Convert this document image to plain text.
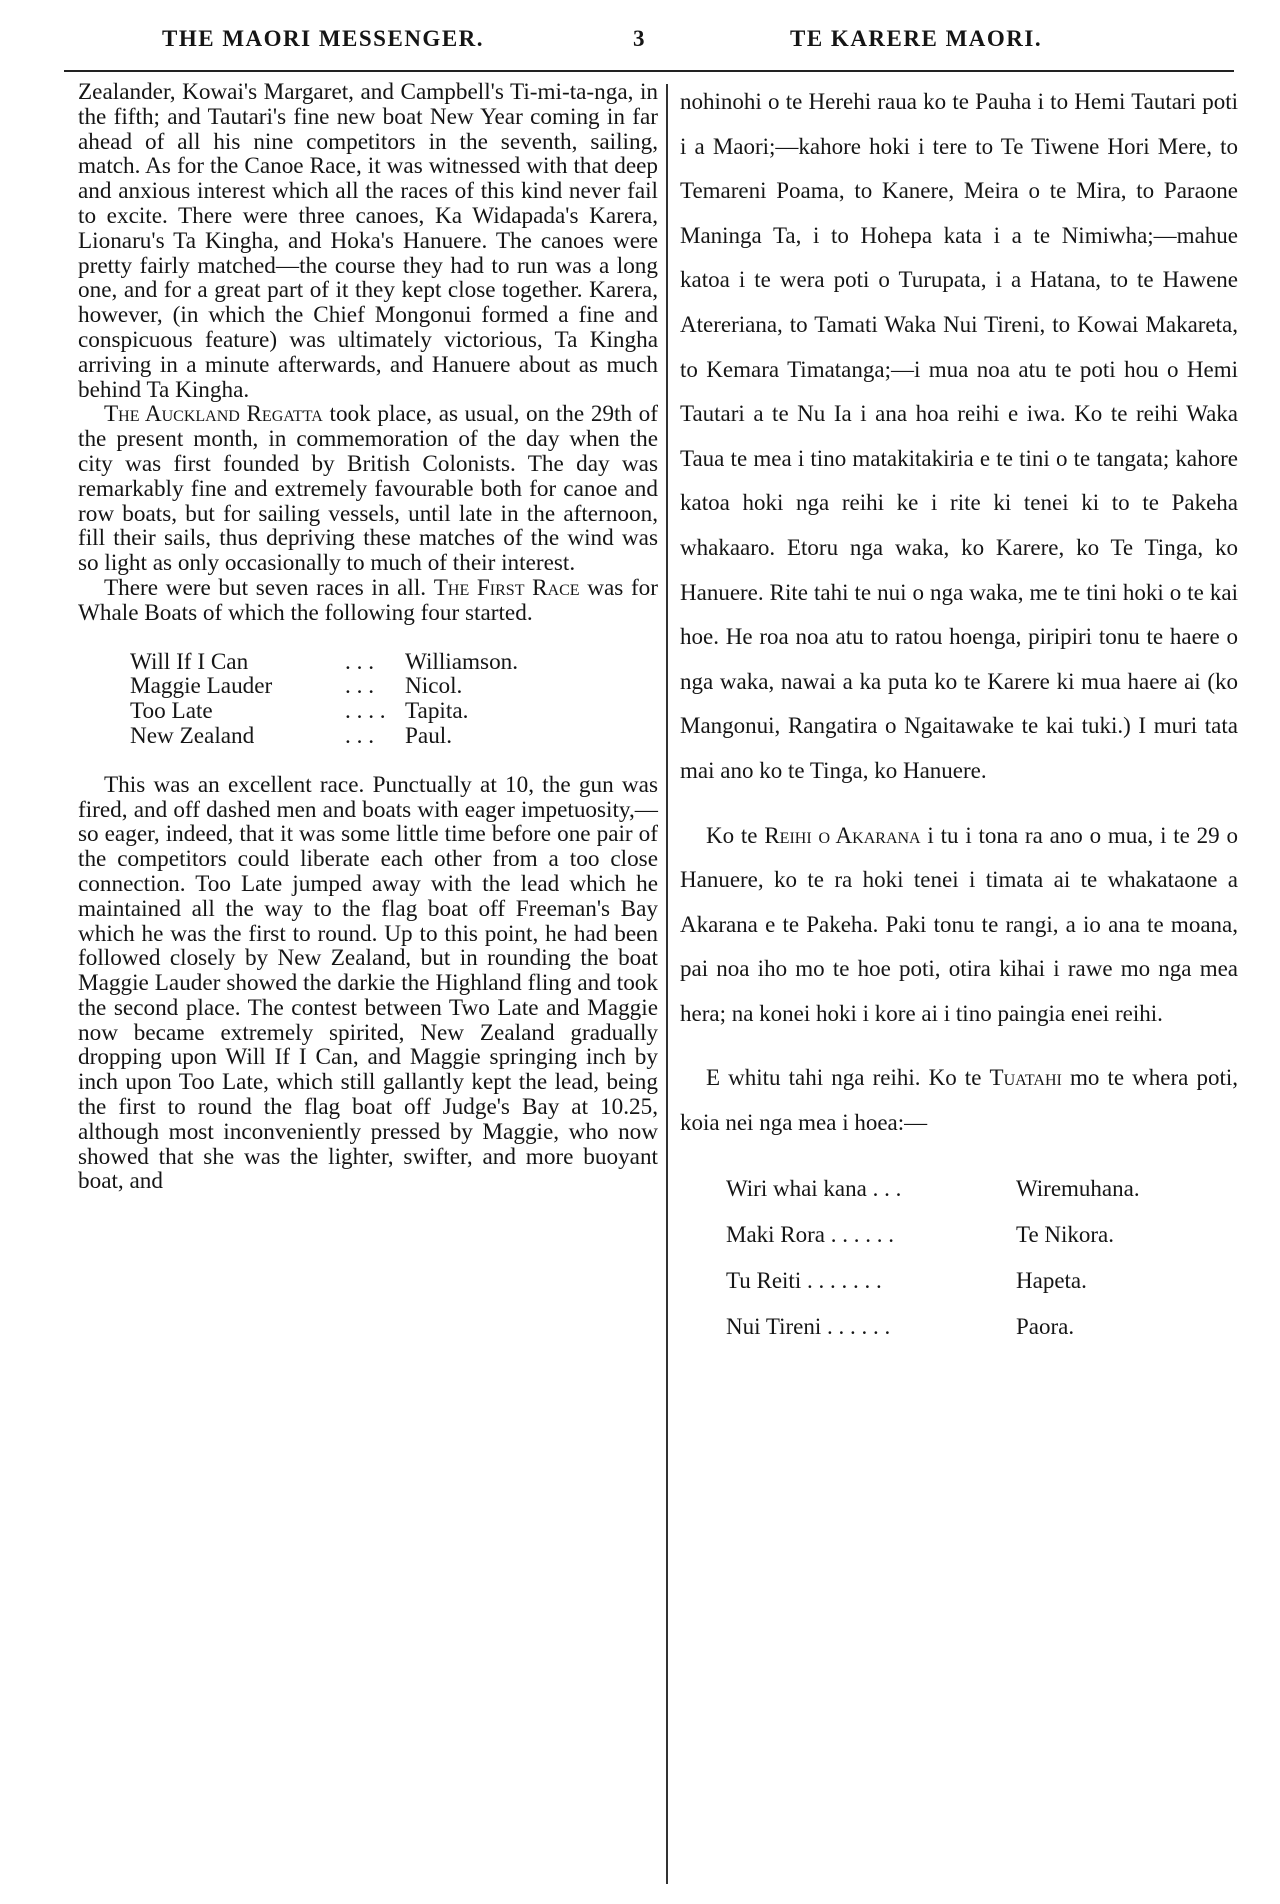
THE MAORI MESSENGER.	3	TE KARERE MAORI.

Zealander, Kowai's Margaret, and Campbell's Ti-mi-ta-nga, in the fifth; and Tautari's fine new boat New Year coming in far ahead of all his nine competitors in the seventh, sailing, match. As for the Canoe Race, it was witnessed with that deep and anxious interest which all the races of this kind never fail to excite. There were three canoes, Ka Widapada's Karera, Lionaru's Ta Kingha, and Hoka's Hanuere. The canoes were pretty fairly matched—the course they had to run was a long one, and for a great part of it they kept close together. Karera, however, (in which the Chief Mongonui formed a fine and conspicuous feature) was ultimately victorious, Ta Kingha arriving in a minute afterwards, and Hanuere about as much behind Ta Kingha.

The Auckland Regatta took place, as usual, on the 29th of the present month, in commemoration of the day when the city was first founded by British Colonists. The day was remarkably fine and extremely favourable both for canoe and row boats, but for sailing vessels, until late in the afternoon, fill their sails, thus depriving these matches of the wind was so light as only occasionally to much of their interest.

There were but seven races in all. The First Race was for Whale Boats of which the following four started.

Will If I Can	. . .	Williamson.
Maggie Lauder	. . .	Nicol.
Too Late	. . . . Tapita.
New Zealand	. . .	Paul.

This was an excellent race. Punctually at 10, the gun was fired, and off dashed men and boats with eager impetuosity,—so eager, indeed, that it was some little time before one pair of the competitors could liberate each other from a too close connection. Too Late jumped away with the lead which he maintained all the way to the flag boat off Freeman's Bay which he was the first to round. Up to this point, he had been followed closely by New Zealand, but in rounding the boat Maggie Lauder showed the darkie the Highland fling and took the second place. The contest between Two Late and Maggie now became extremely spirited, New Zealand gradually dropping upon Will If I Can, and Maggie springing inch by inch upon Too Late, which still gallantly kept the lead, being the first to round the flag boat off Judge's Bay at 10.25, although most inconveniently pressed by Maggie, who now showed that she was the lighter, swifter, and more buoyant boat, and

nohinohi o te Herehi raua ko te Pauha i to Hemi Tautari poti i a Maori;—kahore hoki i tere to Te Tiwene Hori Mere, to Temareni Poama, to Kanere, Meira o te Mira, to Paraone Maninga Ta, i to Hohepa kata i a te Nimiwha;—mahue katoa i te wera poti o Turupata, i a Hatana, to te Hawene Atereriana, to Tamati Waka Nui Tireni, to Kowai Makareta, to Kemara Timatanga;—i mua noa atu te poti hou o Hemi Tautari a te Nu Ia i ana hoa reihi e iwa. Ko te reihi Waka Taua te mea i tino matakitakiria e te tini o te tangata; kahore katoa hoki nga reihi ke i rite ki tenei ki to te Pakeha whakaaro. Etoru nga waka, ko Karere, ko Te Tinga, ko Hanuere. Rite tahi te nui o nga waka, me te tini hoki o te kai hoe. He roa noa atu to ratou hoenga, piripiri tonu te haere o nga waka, nawai a ka puta ko te Karere ki mua haere ai (ko Mangonui, Rangatira o Ngaitawake te kai tuki.) I muri tata mai ano ko te Tinga, ko Hanuere.

Ko te Reihi o Akarana i tu i tona ra ano o mua, i te 29 o Hanuere, ko te ra hoki tenei i timata ai te whakataone a Akarana e te Pakeha. Paki tonu te rangi, a io ana te moana, pai noa iho mo te hoe poti, otira kihai i rawe mo nga mea hera; na konei hoki i kore ai i tino paingia enei reihi.

E whitu tahi nga reihi. Ko te Tuatahi mo te whera poti, koia nei nga mea i hoea:—

Wiri whai kana . . .	Wiremuhana.
Maki Rora . . . . . .	Te Nikora.
Tu Reiti . . . . . . .	Hapeta.
Nui Tireni . . . . . .	Paora.
